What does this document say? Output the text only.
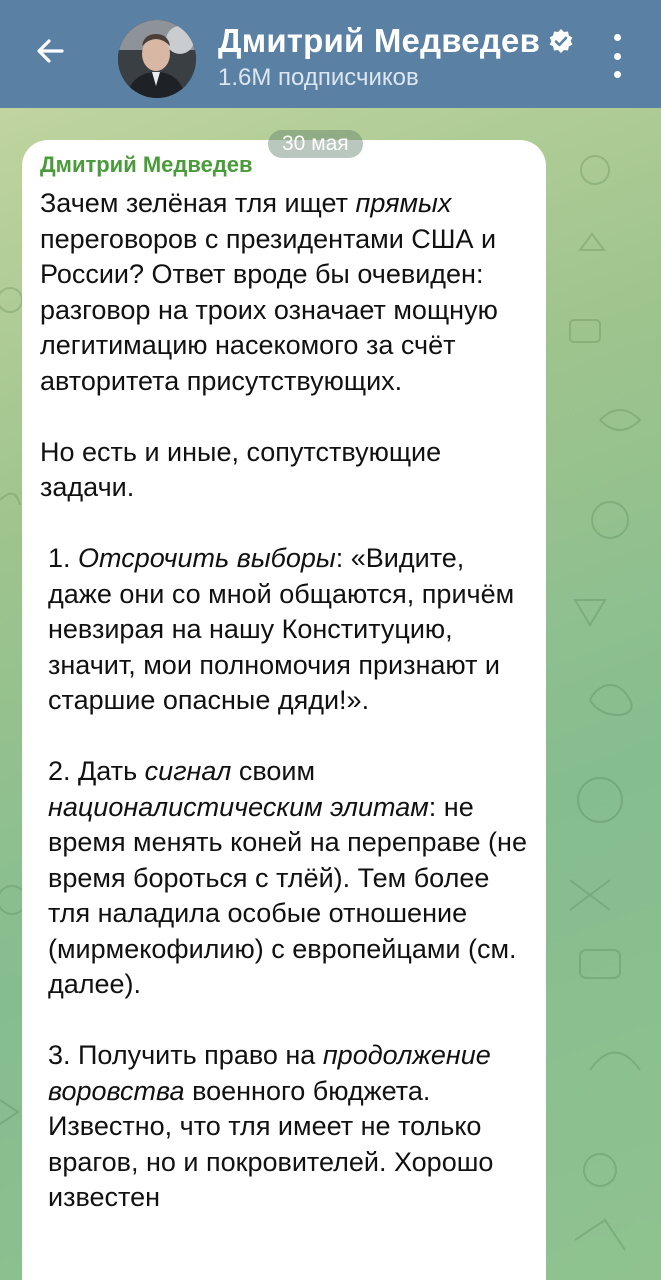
Дмитрий Медведев
1.6M подписчиков
Дмитрий Медведев

Зачем зелёная тля ищет прямых переговоров с президентами США и России? Ответ вроде бы очевиден: разговор на троих означает мощную легитимацию насекомого за счёт авторитета присутствующих.

Но есть и иные, сопутствующие задачи.

1. Отсрочить выборы: «Видите, даже они со мной общаются, причём невзирая на нашу Конституцию, значит, мои полномочия признают и старшие опасные дяди!».

2. Дать сигнал своим националистическим элитам: не время менять коней на переправе (не время бороться с тлёй). Тем более тля наладила особые отношение (мирмекофилию) с европейцами (см. далее).

3. Получить право на продолжение воровства военного бюджета. Известно, что тля имеет не только врагов, но и покровителей. Хорошо известен

30 мая
